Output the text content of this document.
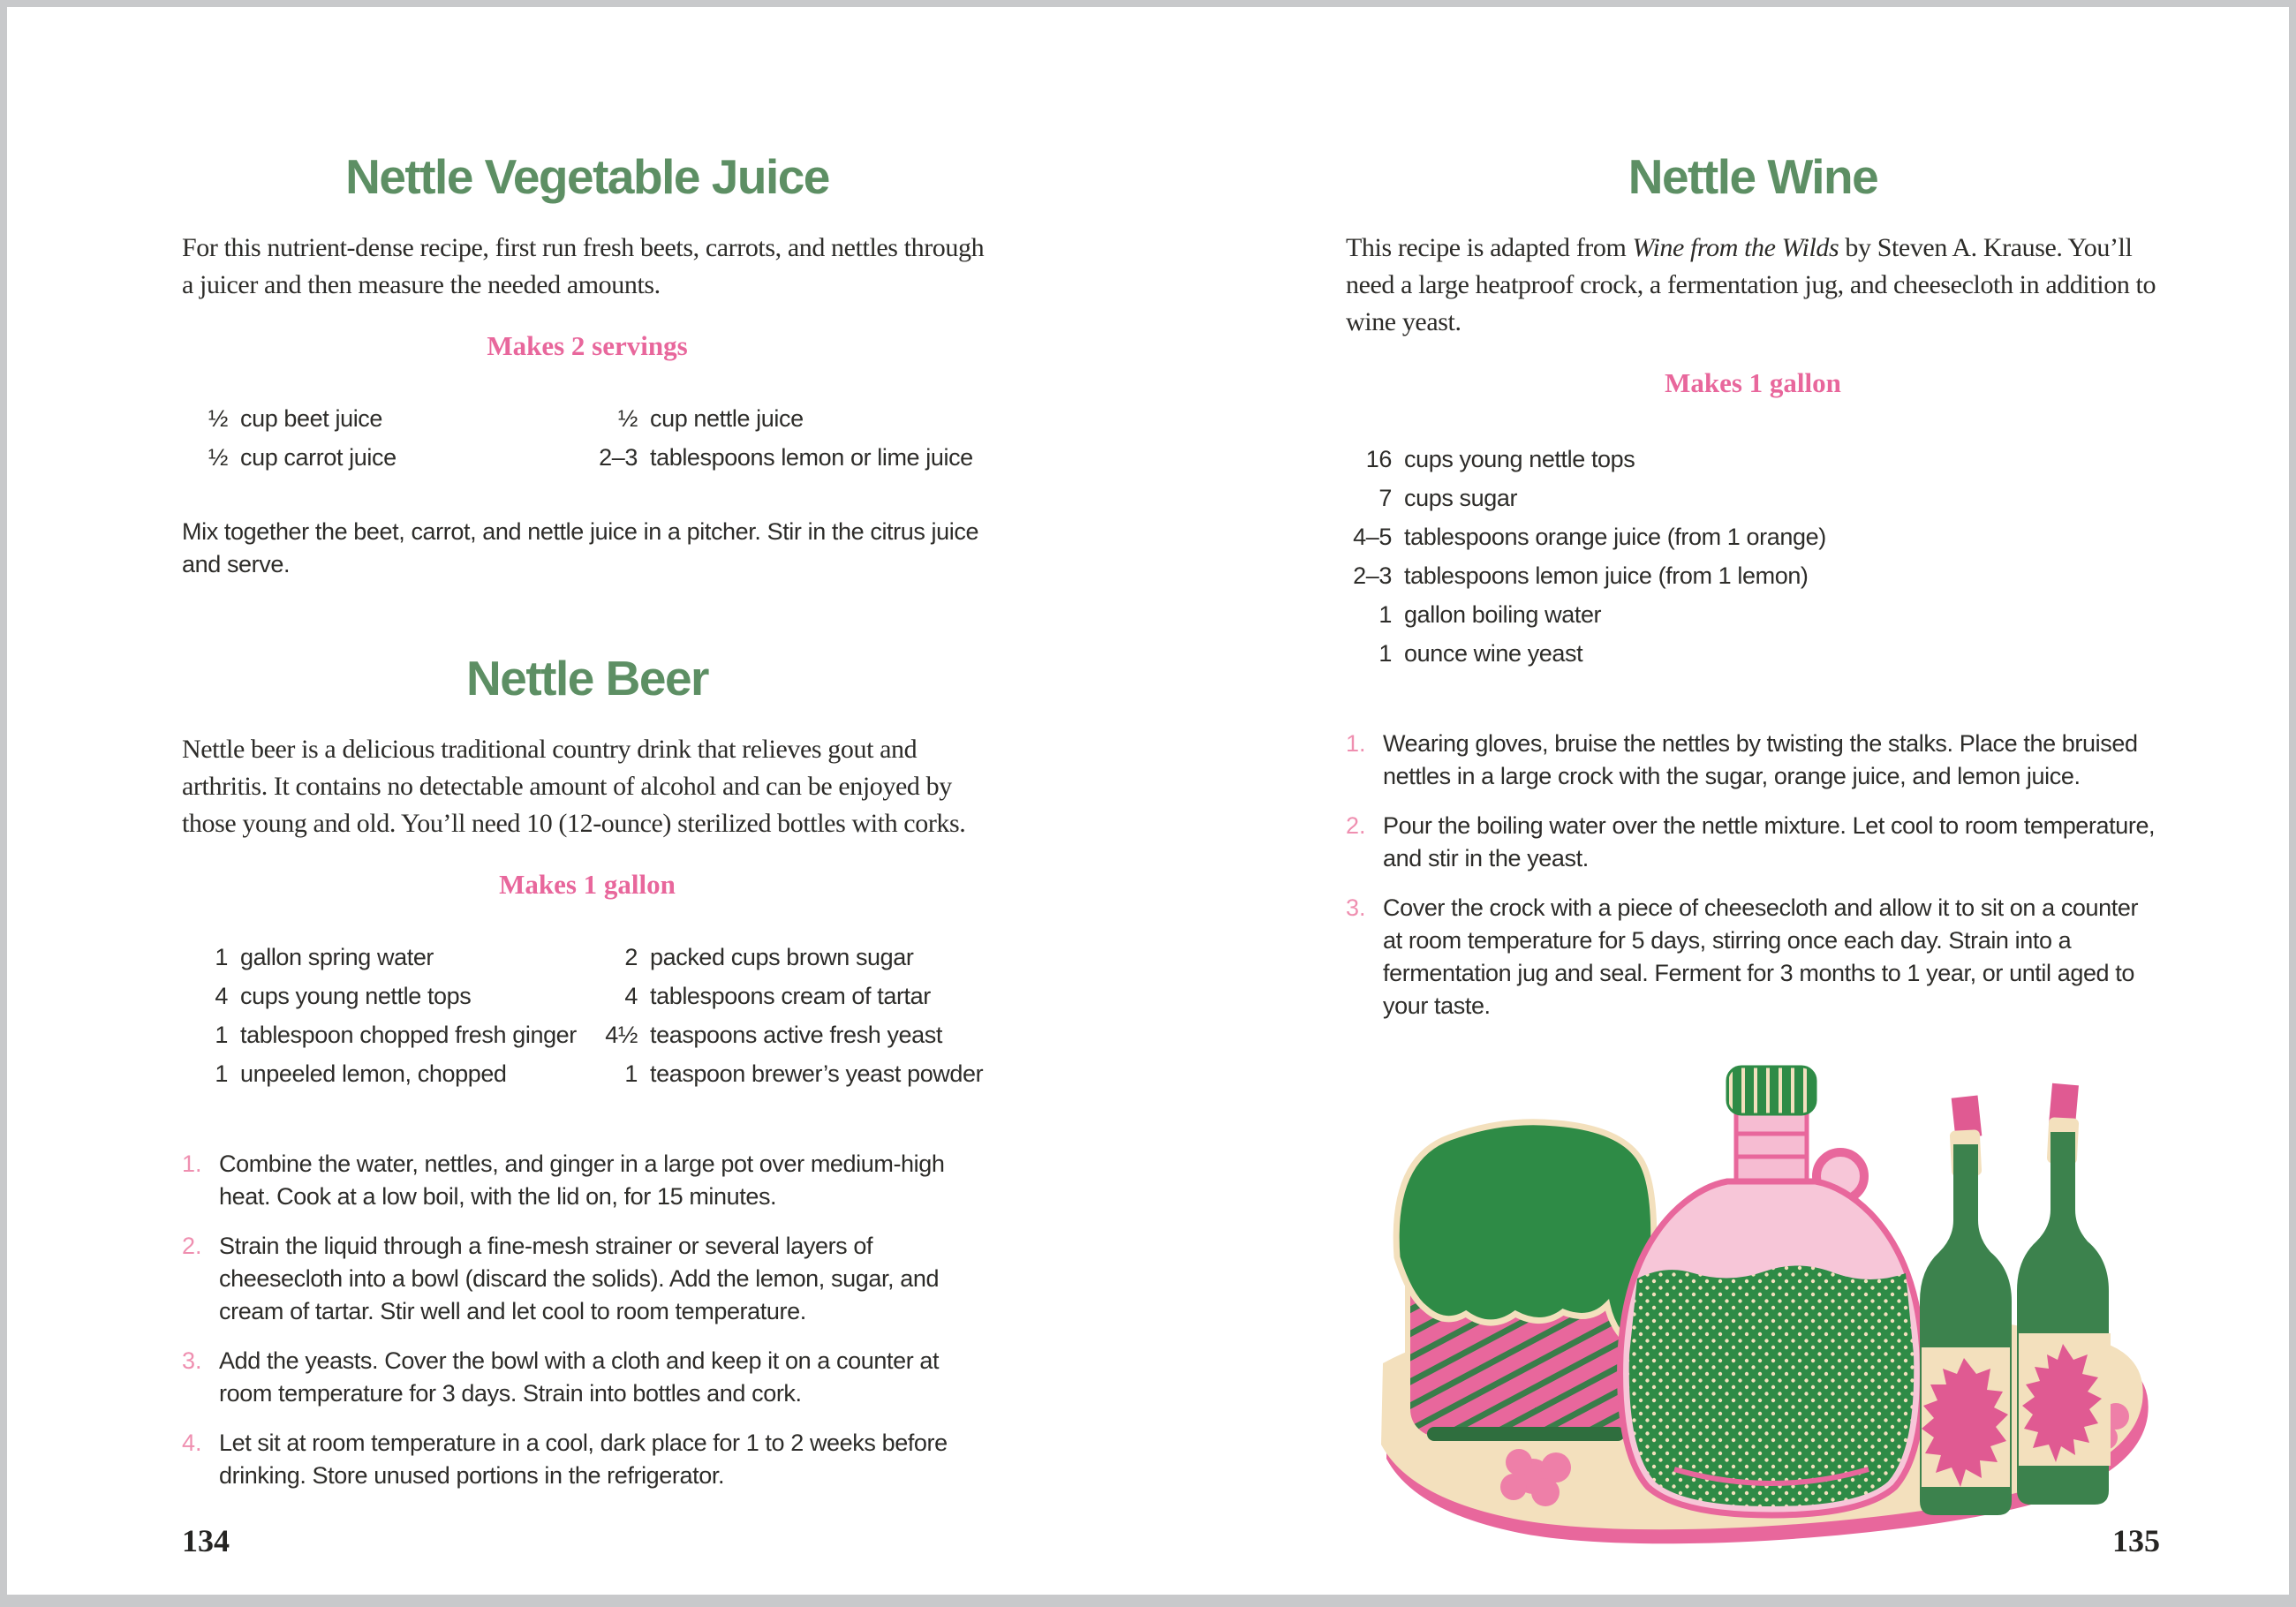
Nettle Vegetable Juice

For this nutrient-dense recipe, first run fresh beets, carrots, and nettles through a juicer and then measure the needed amounts.

Makes 2 servings

½ cup beet juice
½ cup carrot juice
½ cup nettle juice
2–3 tablespoons lemon or lime juice

Mix together the beet, carrot, and nettle juice in a pitcher. Stir in the citrus juice and serve.

Nettle Beer

Nettle beer is a delicious traditional country drink that relieves gout and arthritis. It contains no detectable amount of alcohol and can be enjoyed by those young and old. You’ll need 10 (12-ounce) sterilized bottles with corks.

Makes 1 gallon

1 gallon spring water
4 cups young nettle tops
1 tablespoon chopped fresh ginger
1 unpeeled lemon, chopped
2 packed cups brown sugar
4 tablespoons cream of tartar
4½ teaspoons active fresh yeast
1 teaspoon brewer’s yeast powder
1. Combine the water, nettles, and ginger in a large pot over medium-high heat. Cook at a low boil, with the lid on, for 15 minutes.
2. Strain the liquid through a fine-mesh strainer or several layers of cheesecloth into a bowl (discard the solids). Add the lemon, sugar, and cream of tartar. Stir well and let cool to room temperature.
3. Add the yeasts. Cover the bowl with a cloth and keep it on a counter at room temperature for 3 days. Strain into bottles and cork.
4. Let sit at room temperature in a cool, dark place for 1 to 2 weeks before drinking. Store unused portions in the refrigerator.
134
Nettle Wine

This recipe is adapted from Wine from the Wilds by Steven A. Krause. You’ll need a large heatproof crock, a fermentation jug, and cheesecloth in addition to wine yeast.

Makes 1 gallon

16 cups young nettle tops
7 cups sugar
4–5 tablespoons orange juice (from 1 orange)
2–3 tablespoons lemon juice (from 1 lemon)
1 gallon boiling water
1 ounce wine yeast
1. Wearing gloves, bruise the nettles by twisting the stalks. Place the bruised nettles in a large crock with the sugar, orange juice, and lemon juice.
2. Pour the boiling water over the nettle mixture. Let cool to room temperature, and stir in the yeast.
3. Cover the crock with a piece of cheesecloth and allow it to sit on a counter at room temperature for 5 days, stirring once each day. Strain into a fermentation jug and seal. Ferment for 3 months to 1 year, or until aged to your taste.
135
